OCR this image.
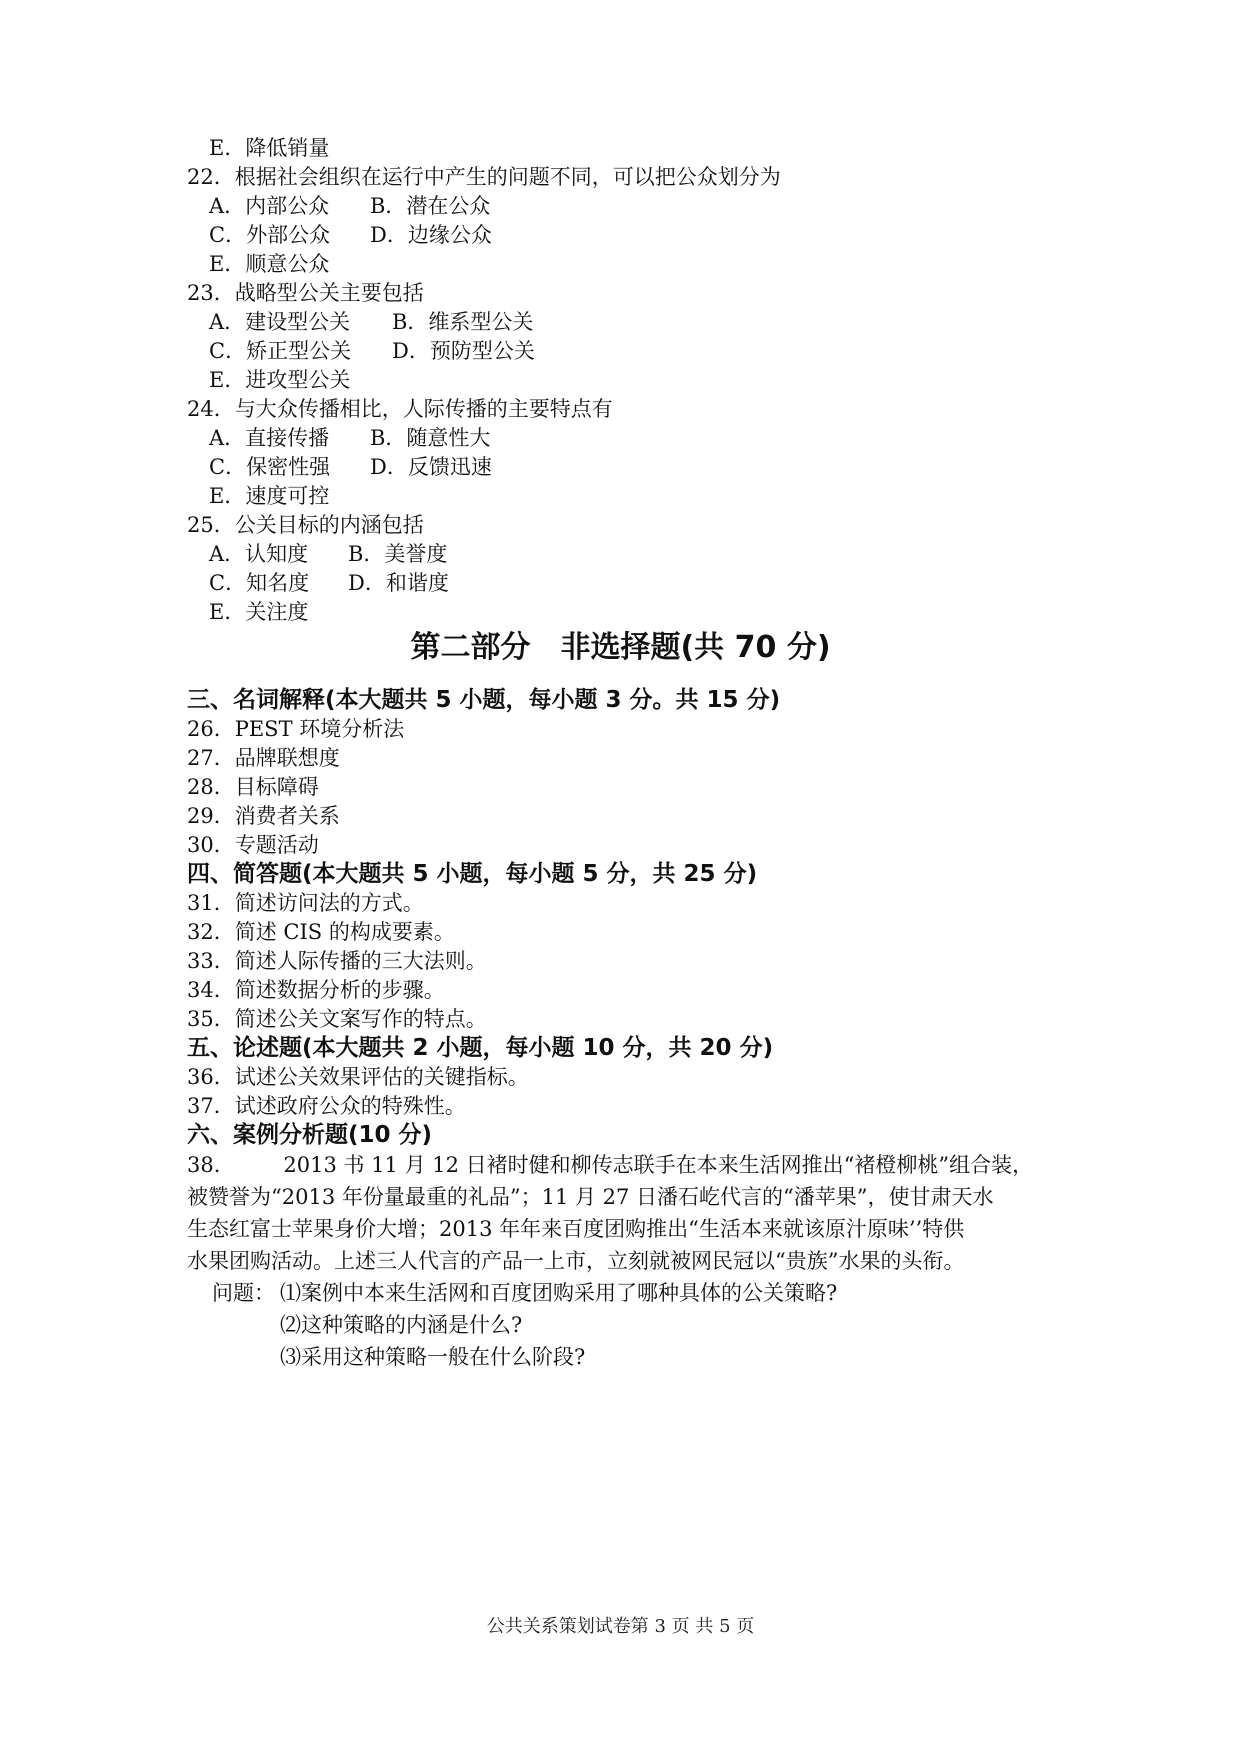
E．降低销量
22．根据社会组织在运行中产生的问题不同，可以把公众划分为
A．内部公众 B．潜在公众
C．外部公众 D．边缘公众
E．顺意公众
23．战略型公关主要包括
A．建设型公关 B．维系型公关
C．矫正型公关 D．预防型公关
E．进攻型公关
24．与大众传播相比，人际传播的主要特点有
A．直接传播 B．随意性大
C．保密性强 D．反馈迅速
E．速度可控
25．公关目标的内涵包括
A．认知度 B．美誉度
C．知名度 D．和谐度
E．关注度
第二部分　非选择题(共 70 分)
三、名词解释(本大题共 5 小题，每小题 3 分。共 15 分)
26．PEST 环境分析法
27．品牌联想度
28．目标障碍
29．消费者关系
30．专题活动
四、简答题(本大题共 5 小题，每小题 5 分，共 25 分)
31．简述访问法的方式。
32．简述 CIS 的构成要素。
33．简述人际传播的三大法则。
34．简述数据分析的步骤。
35．简述公关文案写作的特点。
五、论述题(本大题共 2 小题，每小题 10 分，共 20 分)
36．试述公关效果评估的关键指标。
37．试述政府公众的特殊性。
六、案例分析题(10 分)
38.　　　2013 书 11 月 12 日褚时健和柳传志联手在本来生活网推出“褚橙柳桃”组合装，
被赞誉为“2013 年份量最重的礼品”；11 月 27 日潘石屹代言的“潘苹果”，使甘肃天水
生态红富士苹果身价大增；2013 年年来百度团购推出“生活本来就该原汁原味’’特供
水果团购活动。上述三人代言的产品一上市，立刻就被网民冠以“贵族”水果的头衔。
问题： ⑴案例中本来生活网和百度团购采用了哪种具体的公关策略?
⑵这种策略的内涵是什么?
⑶采用这种策略一般在什么阶段?
公共关系策划试卷第 3 页 共 5 页
